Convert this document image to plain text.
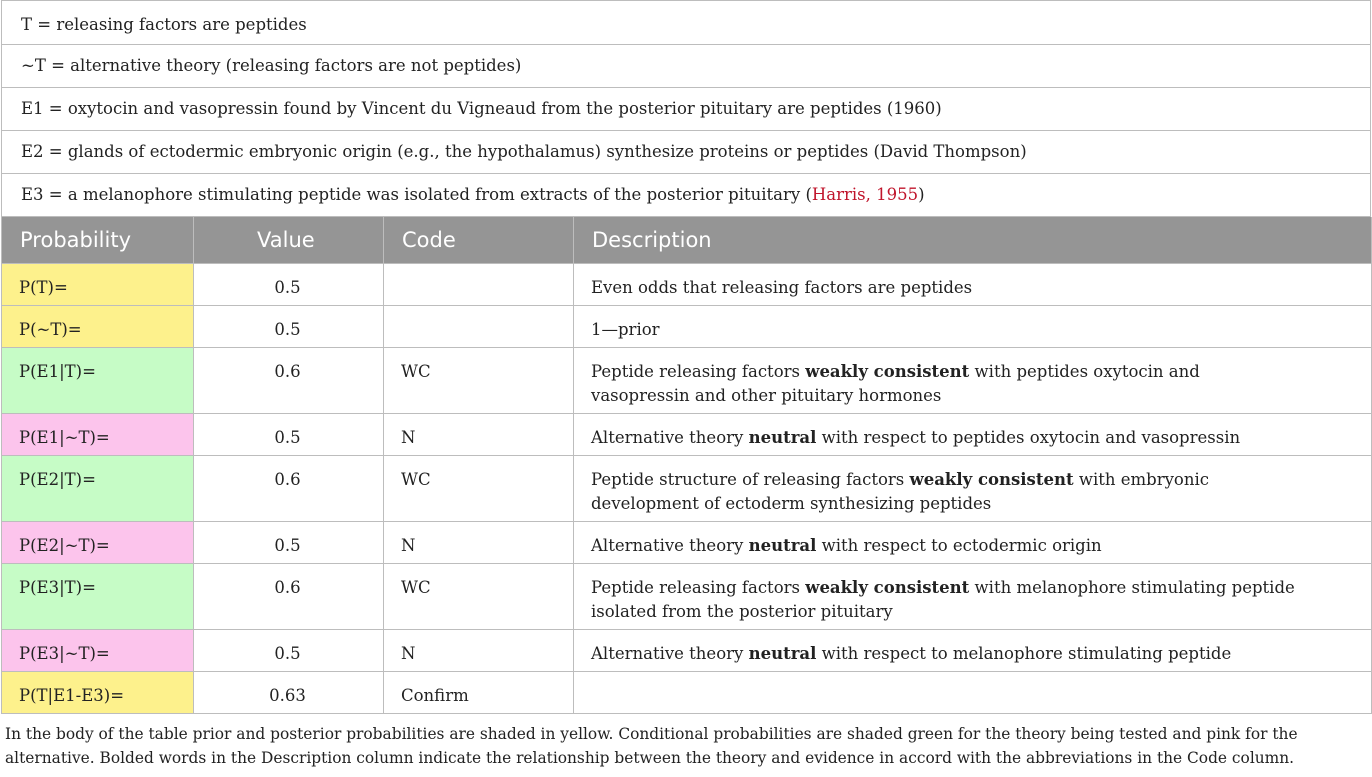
T = releasing factors are peptides
~T = alternative theory (releasing factors are not peptides)
E1 = oxytocin and vasopressin found by Vincent du Vigneaud from the posterior pituitary are peptides (1960)
E2 = glands of ectodermic embryonic origin (e.g., the hypothalamus) synthesize proteins or peptides (David Thompson)
E3 = a melanophore stimulating peptide was isolated from extracts of the posterior pituitary (Harris, 1955)
Probability	Value	Code	Description
P(T)=	0.5		Even odds that releasing factors are peptides
P(~T)=	0.5		1—prior
P(E1|T)=	0.6	WC	Peptide releasing factors weakly consistent with peptides oxytocin and vasopressin and other pituitary hormones
P(E1|~T)=	0.5	N	Alternative theory neutral with respect to peptides oxytocin and vasopressin
P(E2|T)=	0.6	WC	Peptide structure of releasing factors weakly consistent with embryonic development of ectoderm synthesizing peptides
P(E2|~T)=	0.5	N	Alternative theory neutral with respect to ectodermic origin
P(E3|T)=	0.6	WC	Peptide releasing factors weakly consistent with melanophore stimulating peptide isolated from the posterior pituitary
P(E3|~T)=	0.5	N	Alternative theory neutral with respect to melanophore stimulating peptide
P(T|E1-E3)=	0.63	Confirm	
In the body of the table prior and posterior probabilities are shaded in yellow. Conditional probabilities are shaded green for the theory being tested and pink for the alternative. Bolded words in the Description column indicate the relationship between the theory and evidence in accord with the abbreviations in the Code column.
